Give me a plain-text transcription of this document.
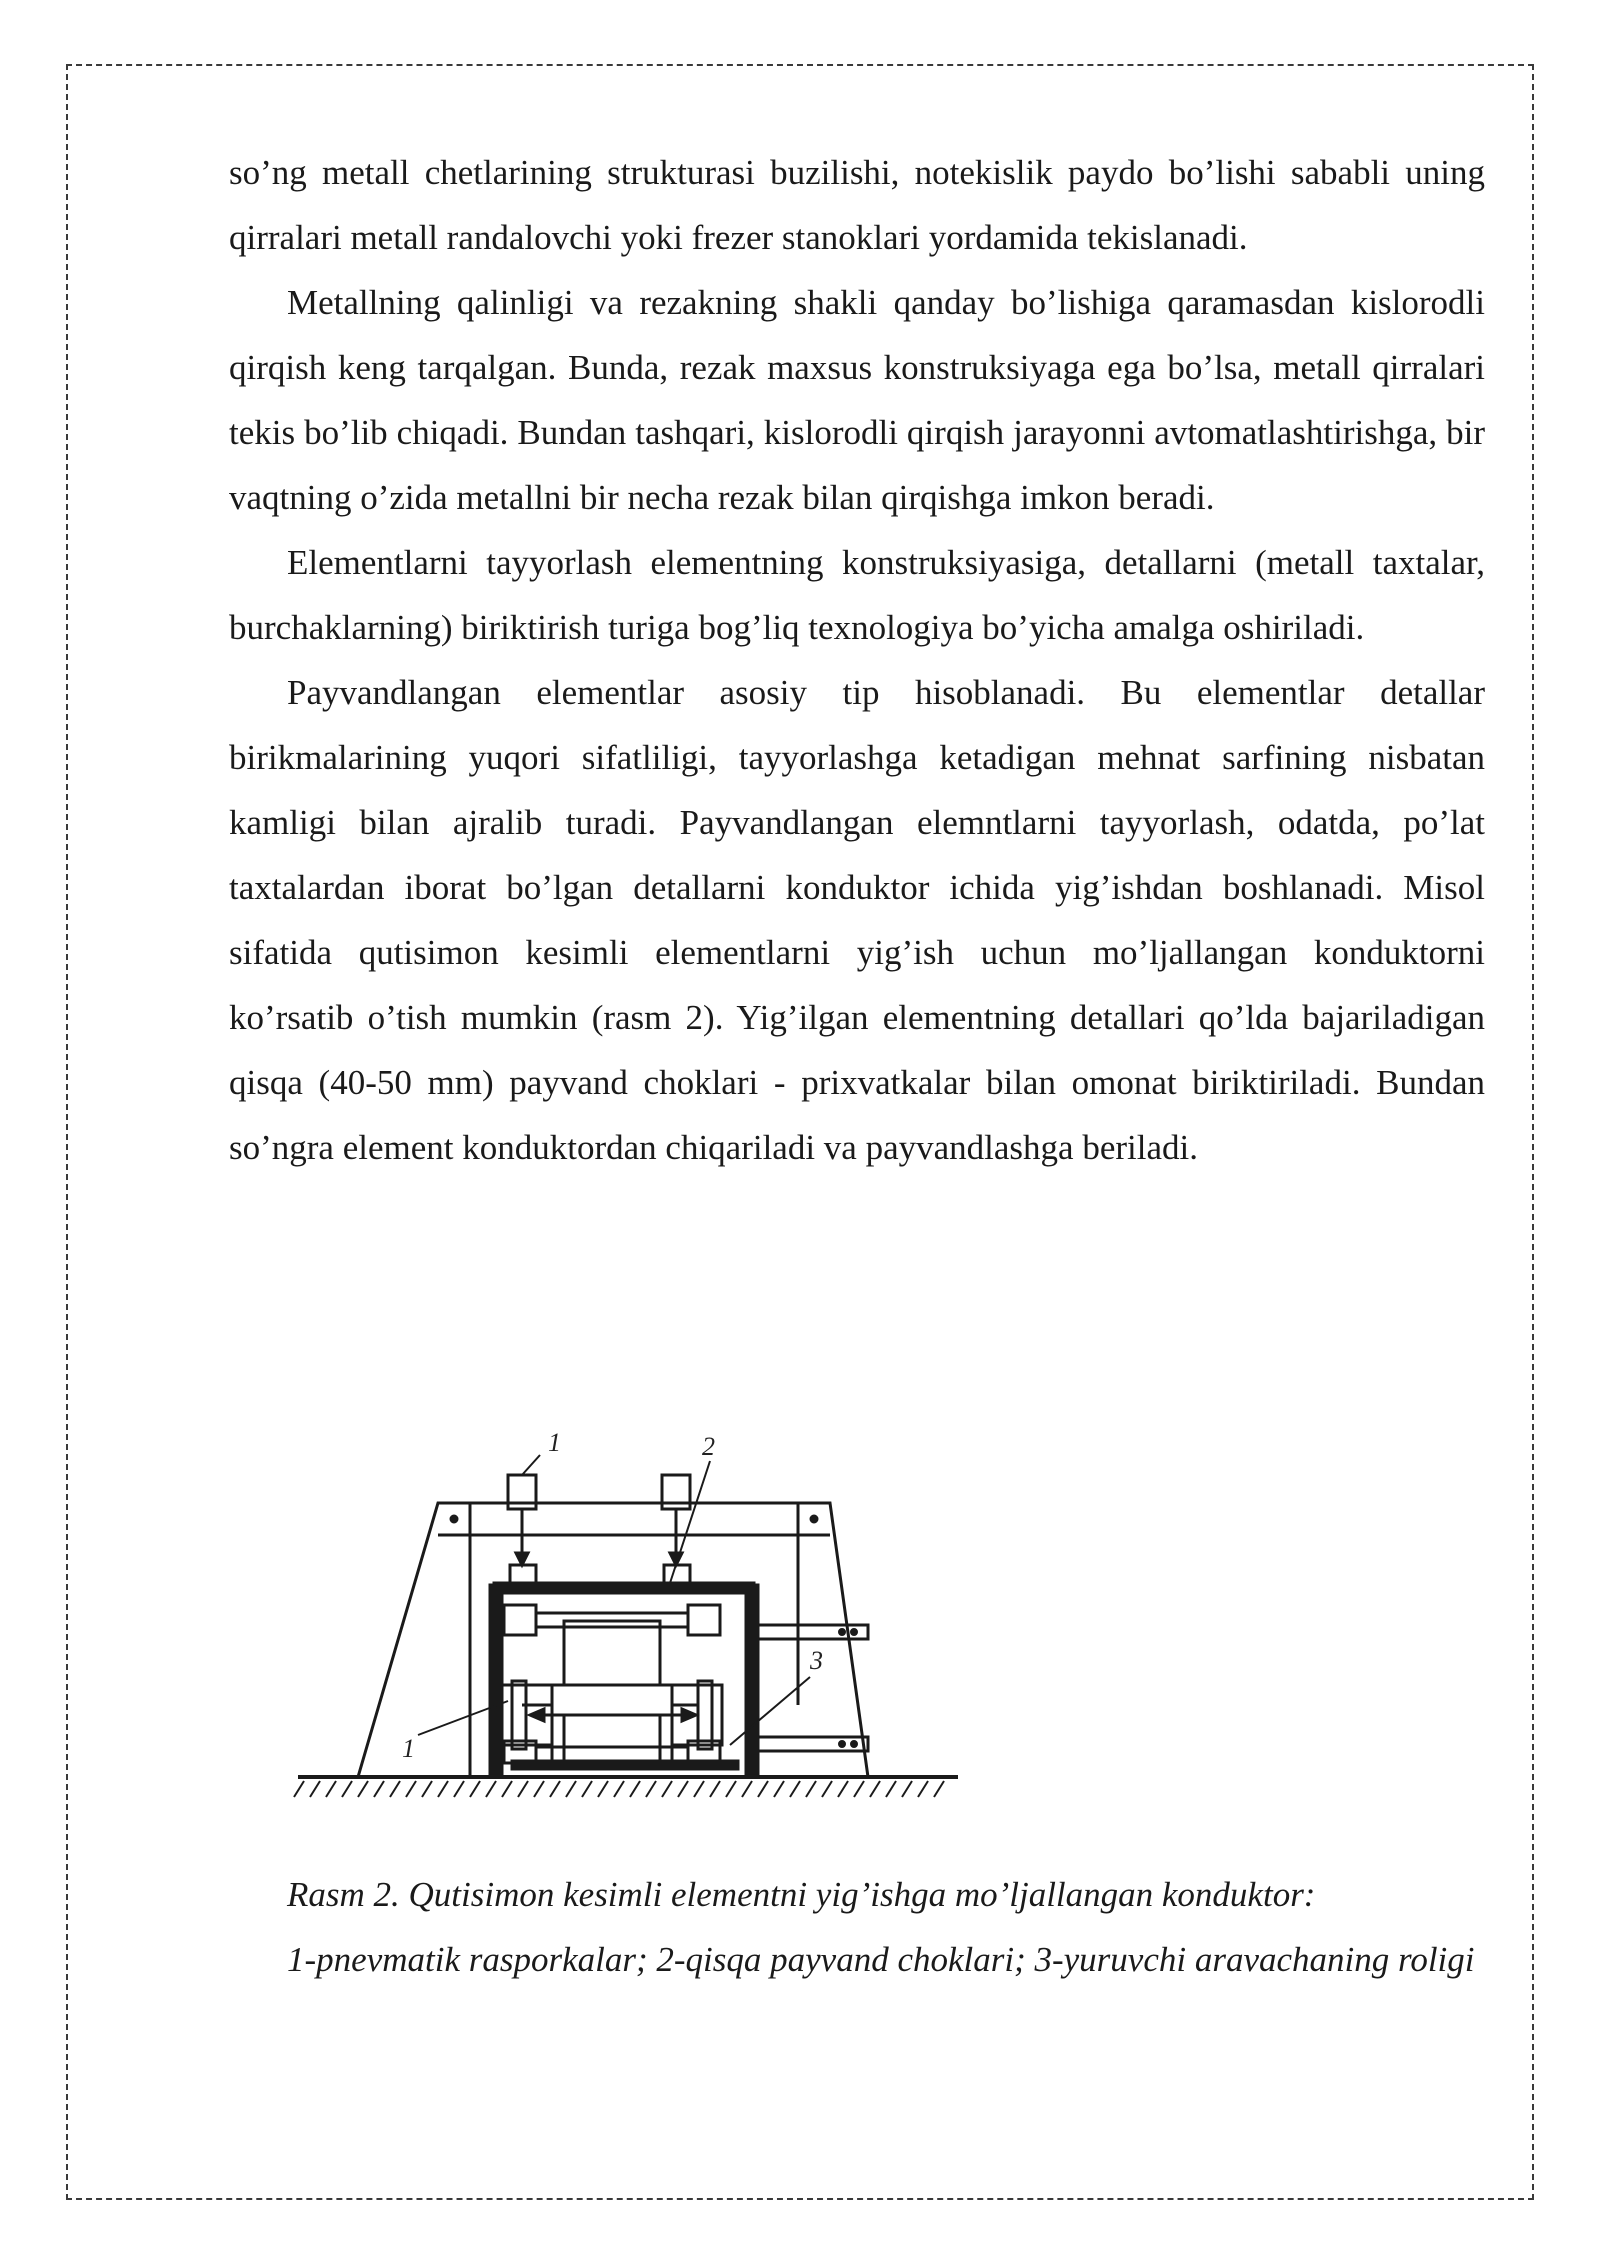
so’ng metall chetlarining strukturasi buzilishi, notekislik paydo bo’lishi sababli uning qirralari metall randalovchi yoki frezer stanoklari yordamida tekislanadi.

Metallning qalinligi va rezakning shakli qanday bo’lishiga qaramasdan kislorodli qirqish keng tarqalgan. Bunda, rezak maxsus konstruksiyaga ega bo’lsa, metall qirralari tekis bo’lib chiqadi. Bundan tashqari, kislorodli qirqish jarayonni avtomatlashtirishga, bir vaqtning o’zida metallni bir necha rezak bilan qirqishga imkon beradi.

Elementlarni tayyorlash elementning konstruksiyasiga, detallarni (metall taxtalar, burchaklarning) biriktirish turiga bog’liq texnologiya bo’yicha amalga oshiriladi.

Payvandlangan elementlar asosiy tip hisoblanadi. Bu elementlar detallar birikmalarining yuqori sifatliligi, tayyorlashga ketadigan mehnat sarfining nisbatan kamligi bilan ajralib turadi. Payvandlangan elemntlarni tayyorlash, odatda, po’lat taxtalardan iborat bo’lgan detallarni konduktor ichida yig’ishdan boshlanadi. Misol sifatida qutisimon kesimli elementlarni yig’ish uchun mo’ljallangan konduktorni ko’rsatib o’tish mumkin (rasm 2). Yig’ilgan elementning detallari qo’lda bajariladigan qisqa (40-50 mm) payvand choklari - prixvatkalar bilan omonat biriktiriladi. Bundan so’ngra element konduktordan chiqariladi va payvandlashga beriladi.

1	2
3
1

Rasm 2. Qutisimon kesimli elementni yig’ishga mo’ljallangan konduktor:

1-pnevmatik rasporkalar; 2-qisqa payvand choklari; 3-yuruvchi aravachaning roligi
